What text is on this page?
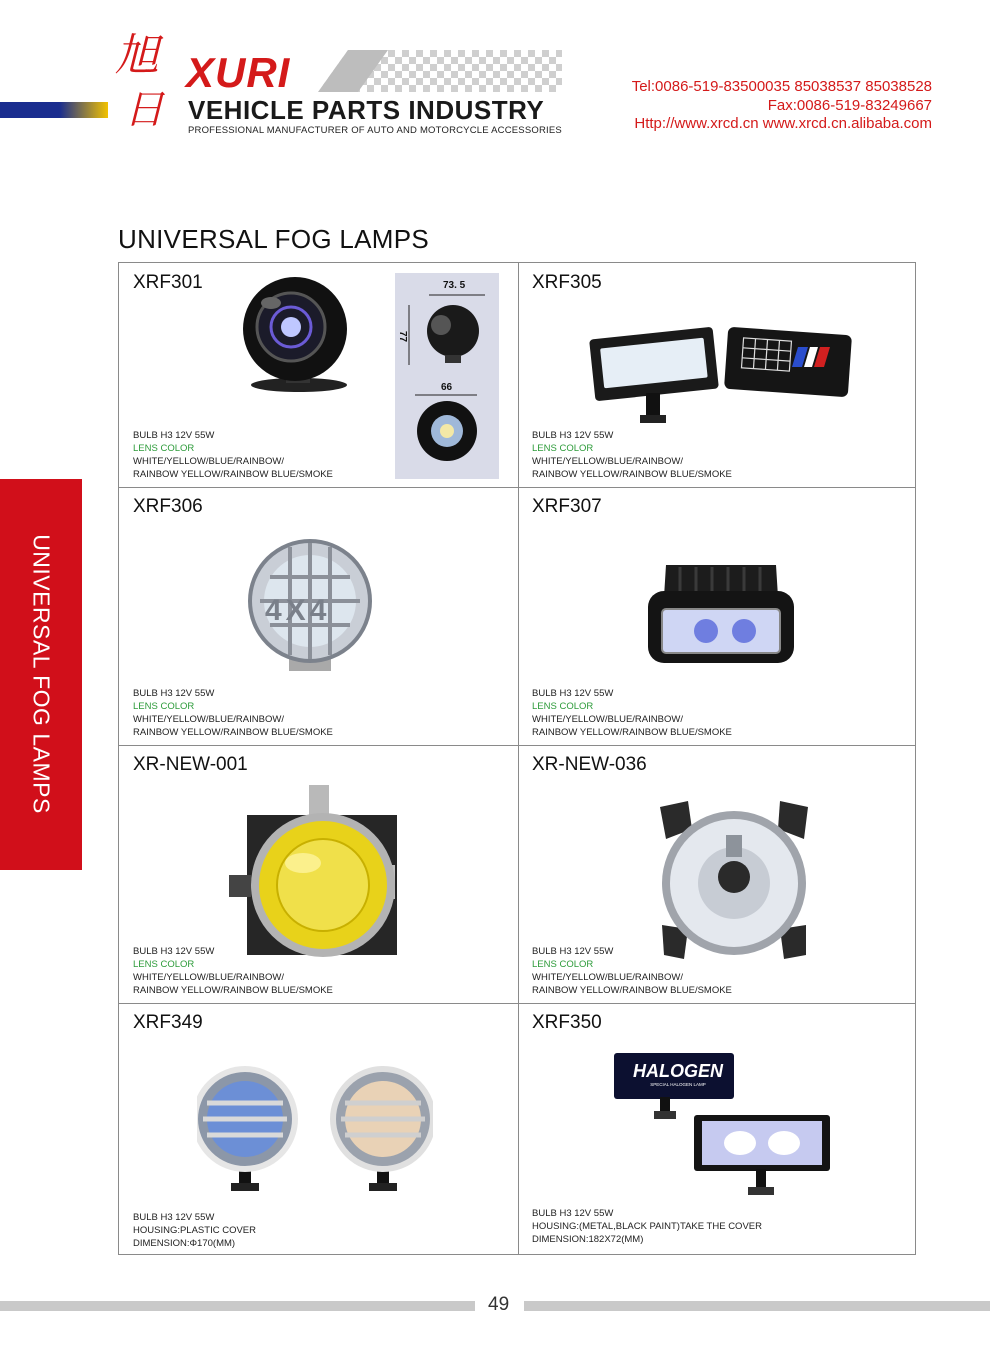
旭
日
XURI
VEHICLE PARTS INDUSTRY
PROFESSIONAL MANUFACTURER OF AUTO AND MOTORCYCLE ACCESSORIES
Tel:0086-519-83500035 85038537 85038528
Fax:0086-519-83249667
Http://www.xrcd.cn www.xrcd.cn.alibaba.com
UNIVERSAL FOG LAMPS
UNIVERSAL FOG LAMPS
XRF301	73. 5
77
66
BULB H3 12V 55W
LENS COLOR
WHITE/YELLOW/BLUE/RAINBOW/
RAINBOW YELLOW/RAINBOW BLUE/SMOKE
XRF305
BULB H3 12V 55W
LENS COLOR
WHITE/YELLOW/BLUE/RAINBOW/
RAINBOW YELLOW/RAINBOW BLUE/SMOKE
XRF306
4X4
BULB H3 12V 55W
LENS COLOR
WHITE/YELLOW/BLUE/RAINBOW/
RAINBOW YELLOW/RAINBOW BLUE/SMOKE
XRF307
BULB H3 12V 55W
LENS COLOR
WHITE/YELLOW/BLUE/RAINBOW/
RAINBOW YELLOW/RAINBOW BLUE/SMOKE
XR-NEW-001
BULB H3 12V 55W
LENS COLOR
WHITE/YELLOW/BLUE/RAINBOW/
RAINBOW YELLOW/RAINBOW BLUE/SMOKE
XR-NEW-036
BULB H3 12V 55W
LENS COLOR
WHITE/YELLOW/BLUE/RAINBOW/
RAINBOW YELLOW/RAINBOW BLUE/SMOKE
XRF349
BULB H3 12V 55W
HOUSING:PLASTIC COVER
DIMENSION:Φ170(MM)
XRF350
HALOGEN
SPECIAL HALOGEN LAMP
BULB H3 12V 55W
HOUSING:(METAL,BLACK PAINT)TAKE THE COVER
DIMENSION:182X72(MM)
49
